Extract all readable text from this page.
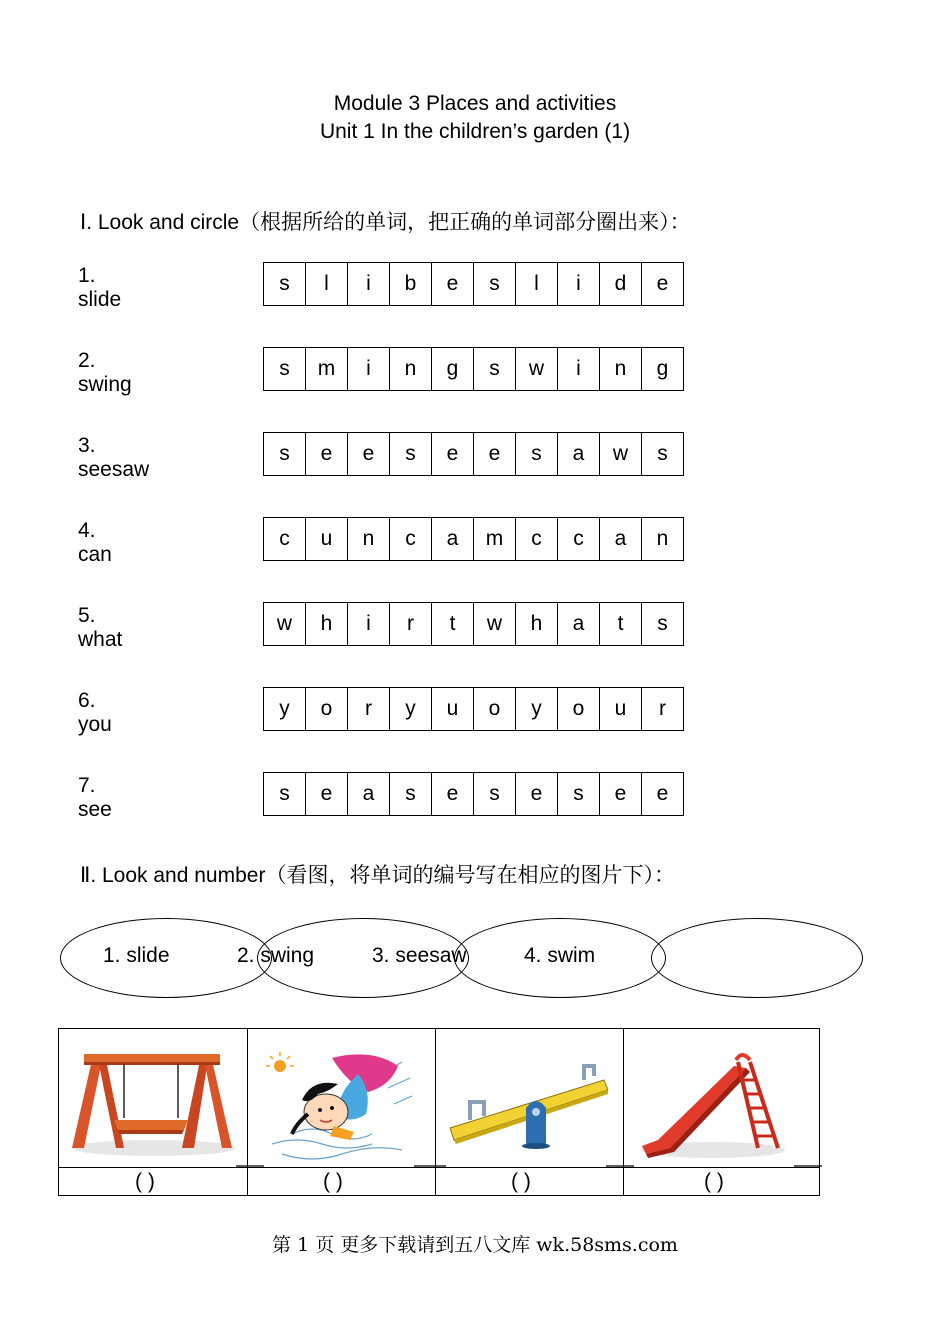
Module 3 Places and activities
Unit 1 In the children’s garden (1)
Ⅰ. Look and circle（根据所给的单词，把正确的单词部分圈出来）：
1. slide
s	l	i	b	e	s	l	i	d	e
2. swing
s	m	i	n	g	s	w	i	n	g
3. seesaw
s	e	e	s	e	e	s	a	w	s
4. can
c	u	n	c	a	m	c	c	a	n
5. what
w	h	i	r	t	w	h	a	t	s
6. you
y	o	r	y	u	o	y	o	u	r
7. see
s	e	a	s	e	s	e	s	e	e
Ⅱ. Look and number（看图，将单词的编号写在相应的图片下）：
1. slide	2. swing	3. seesaw	4. swim
( )	( )	( )	( )
第 1 页 更多下载请到五八文库 wk.58sms.com
